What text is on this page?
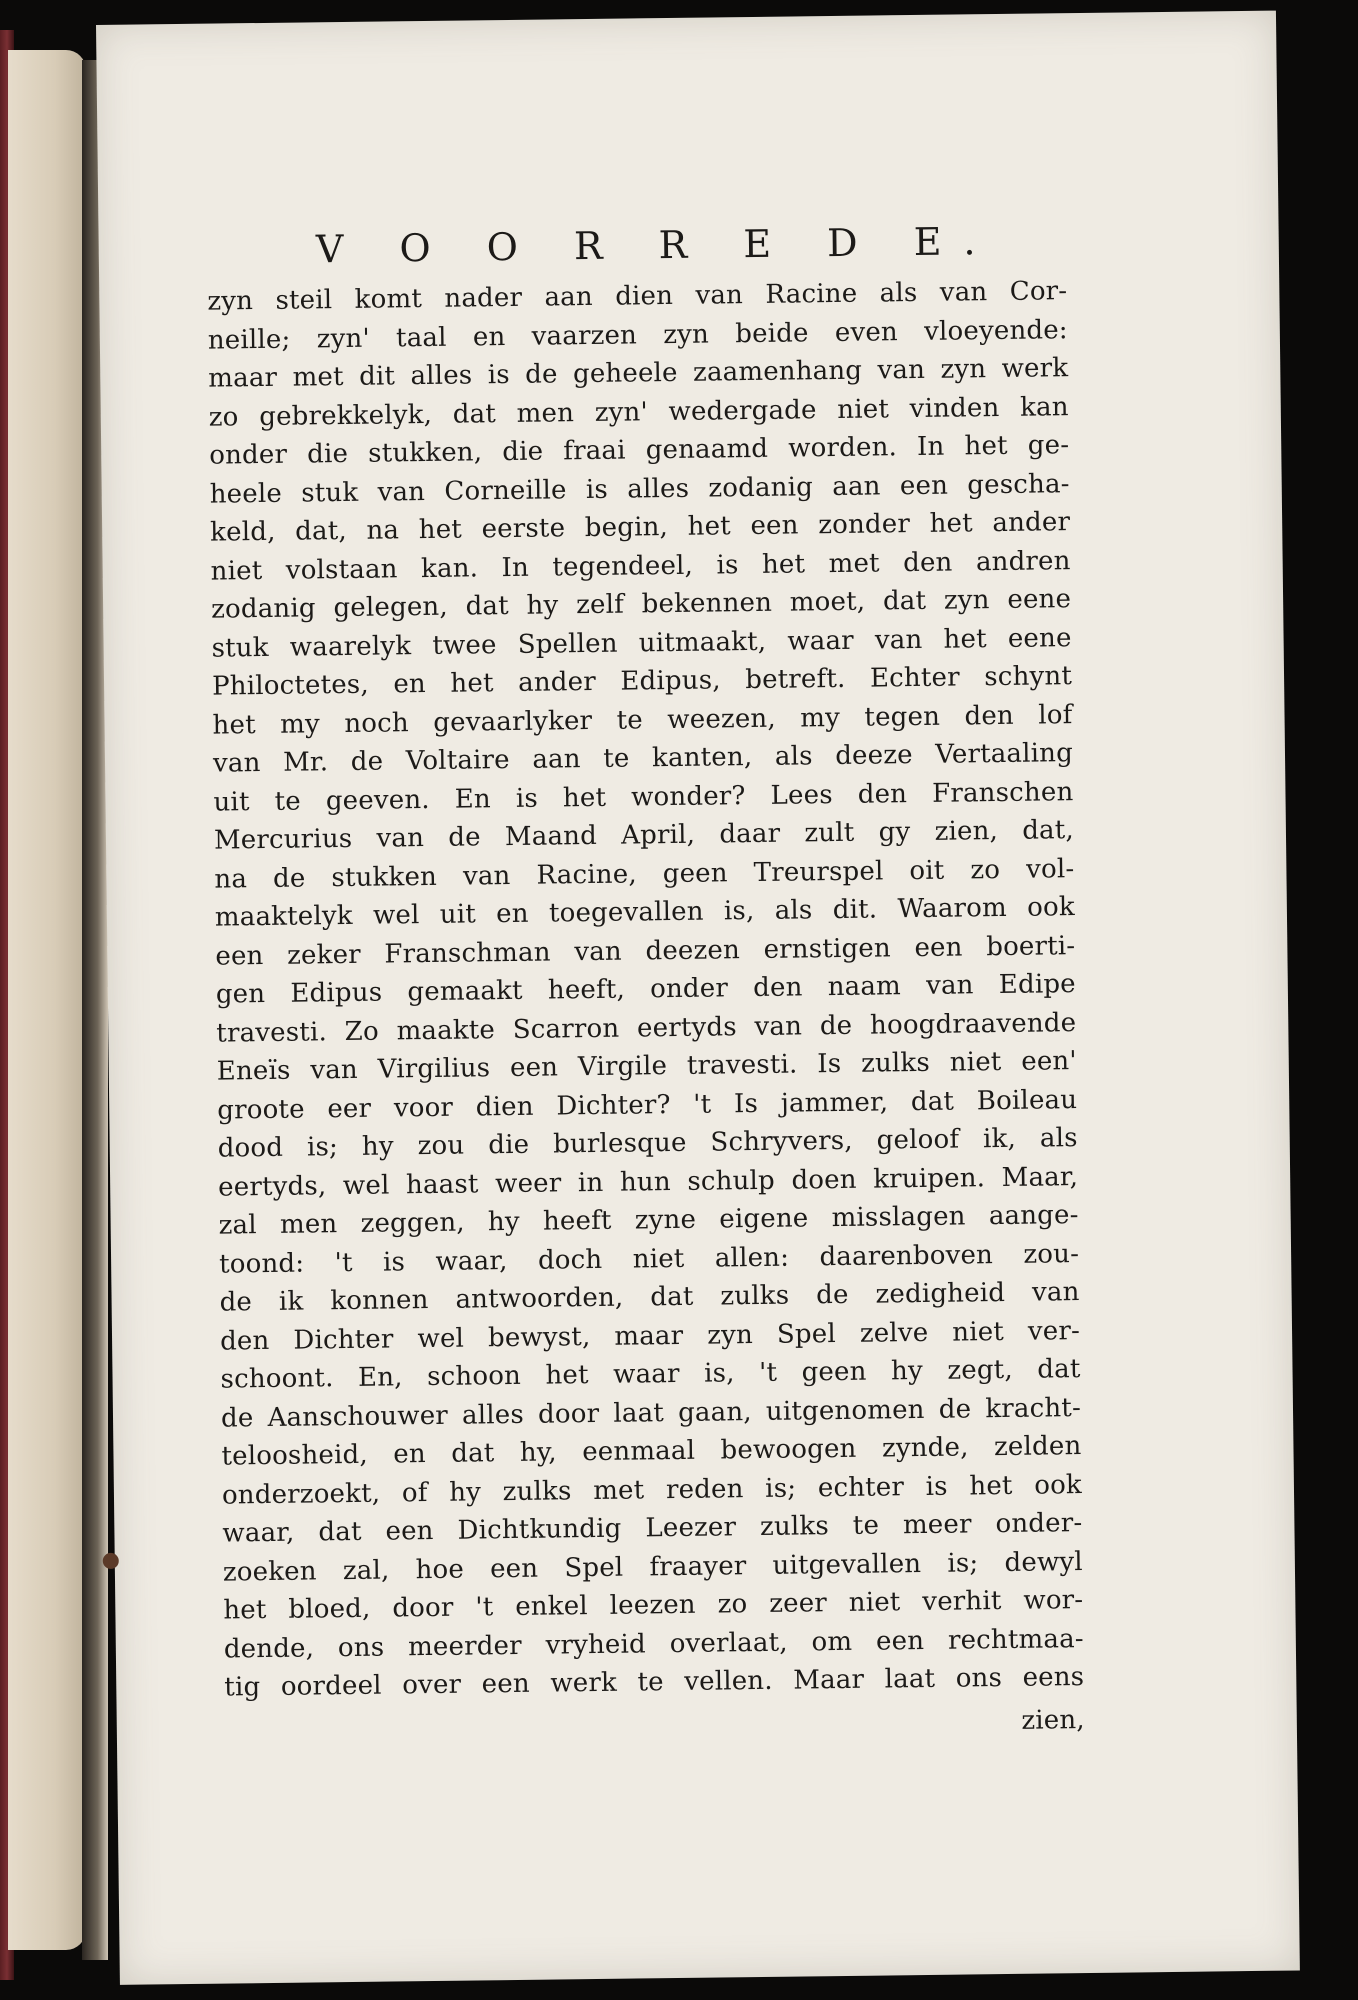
V O O R R E D E.
zyn steil komt nader aan dien van Racine als van Cor-
neille; zyn' taal en vaarzen zyn beide even vloeyende:
maar met dit alles is de geheele zaamenhang van zyn werk
zo gebrekkelyk, dat men zyn' wedergade niet vinden kan
onder die stukken, die fraai genaamd worden. In het ge-
heele stuk van Corneille is alles zodanig aan een gescha-
keld, dat, na het eerste begin, het een zonder het ander
niet volstaan kan. In tegendeel, is het met den andren
zodanig gelegen, dat hy zelf bekennen moet, dat zyn eene
stuk waarelyk twee Spellen uitmaakt, waar van het eene
Philoctetes, en het ander Edipus, betreft. Echter schynt
het my noch gevaarlyker te weezen, my tegen den lof
van Mr. de Voltaire aan te kanten, als deeze Vertaaling
uit te geeven. En is het wonder? Lees den Franschen
Mercurius van de Maand April, daar zult gy zien, dat,
na de stukken van Racine, geen Treurspel oit zo vol-
maaktelyk wel uit en toegevallen is, als dit. Waarom ook
een zeker Franschman van deezen ernstigen een boerti-
gen Edipus gemaakt heeft, onder den naam van Edipe
travesti. Zo maakte Scarron eertyds van de hoogdraavende
Eneïs van Virgilius een Virgile travesti. Is zulks niet een'
groote eer voor dien Dichter? 't Is jammer, dat Boileau
dood is; hy zou die burlesque Schryvers, geloof ik, als
eertyds, wel haast weer in hun schulp doen kruipen. Maar,
zal men zeggen, hy heeft zyne eigene misslagen aange-
toond: 't is waar, doch niet allen: daarenboven zou-
de ik konnen antwoorden, dat zulks de zedigheid van
den Dichter wel bewyst, maar zyn Spel zelve niet ver-
schoont. En, schoon het waar is, 't geen hy zegt, dat
de Aanschouwer alles door laat gaan, uitgenomen de kracht-
teloosheid, en dat hy, eenmaal bewoogen zynde, zelden
onderzoekt, of hy zulks met reden is; echter is het ook
waar, dat een Dichtkundig Leezer zulks te meer onder-
zoeken zal, hoe een Spel fraayer uitgevallen is; dewyl
het bloed, door 't enkel leezen zo zeer niet verhit wor-
dende, ons meerder vryheid overlaat, om een rechtmaa-
tig oordeel over een werk te vellen. Maar laat ons eens
zien,
